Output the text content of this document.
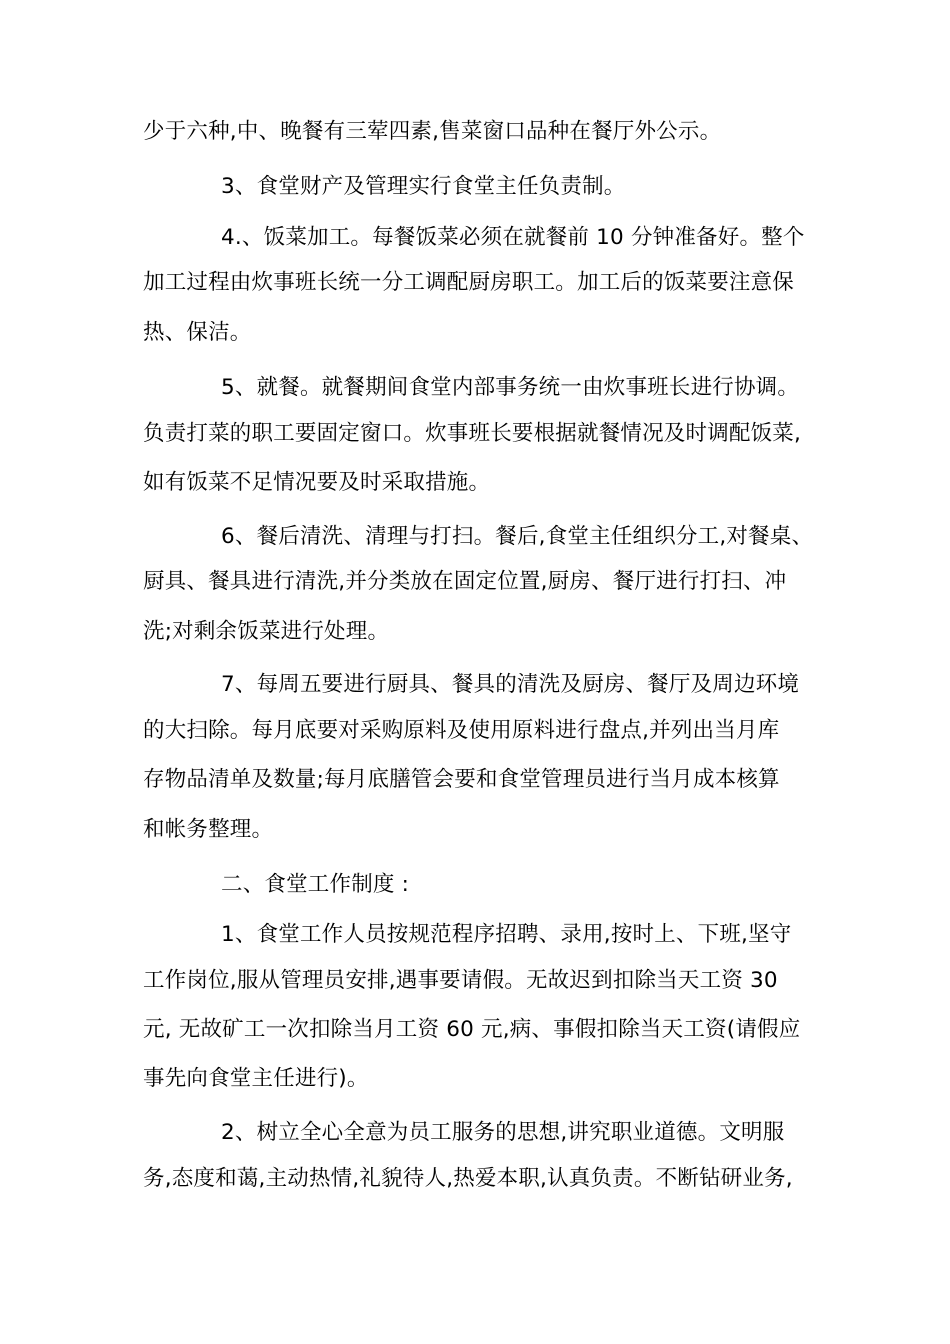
少于六种,中、晚餐有三荤四素,售菜窗口品种在餐厅外公示。

3、食堂财产及管理实行食堂主任负责制。

4.、饭菜加工。每餐饭菜必须在就餐前 10 分钟准备好。整个

加工过程由炊事班长统一分工调配厨房职工。加工后的饭菜要注意保

热、保洁。

5、就餐。就餐期间食堂内部事务统一由炊事班长进行协调。

负责打菜的职工要固定窗口。炊事班长要根据就餐情况及时调配饭菜,

如有饭菜不足情况要及时采取措施。

6、餐后清洗、清理与打扫。餐后,食堂主任组织分工,对餐桌、

厨具、餐具进行清洗,并分类放在固定位置,厨房、餐厅进行打扫、冲

洗;对剩余饭菜进行处理。

7、每周五要进行厨具、餐具的清洗及厨房、餐厅及周边环境

的大扫除。每月底要对采购原料及使用原料进行盘点,并列出当月库

存物品清单及数量;每月底膳管会要和食堂管理员进行当月成本核算

和帐务整理。

二、食堂工作制度 :

1、食堂工作人员按规范程序招聘、录用,按时上、下班,坚守

工作岗位,服从管理员安排,遇事要请假。无故迟到扣除当天工资 30

元, 无故矿工一次扣除当月工资 60 元,病、事假扣除当天工资(请假应

事先向食堂主任进行)。

2、树立全心全意为员工服务的思想,讲究职业道德。文明服

务,态度和蔼,主动热情,礼貌待人,热爱本职,认真负责。不断钻研业务,
